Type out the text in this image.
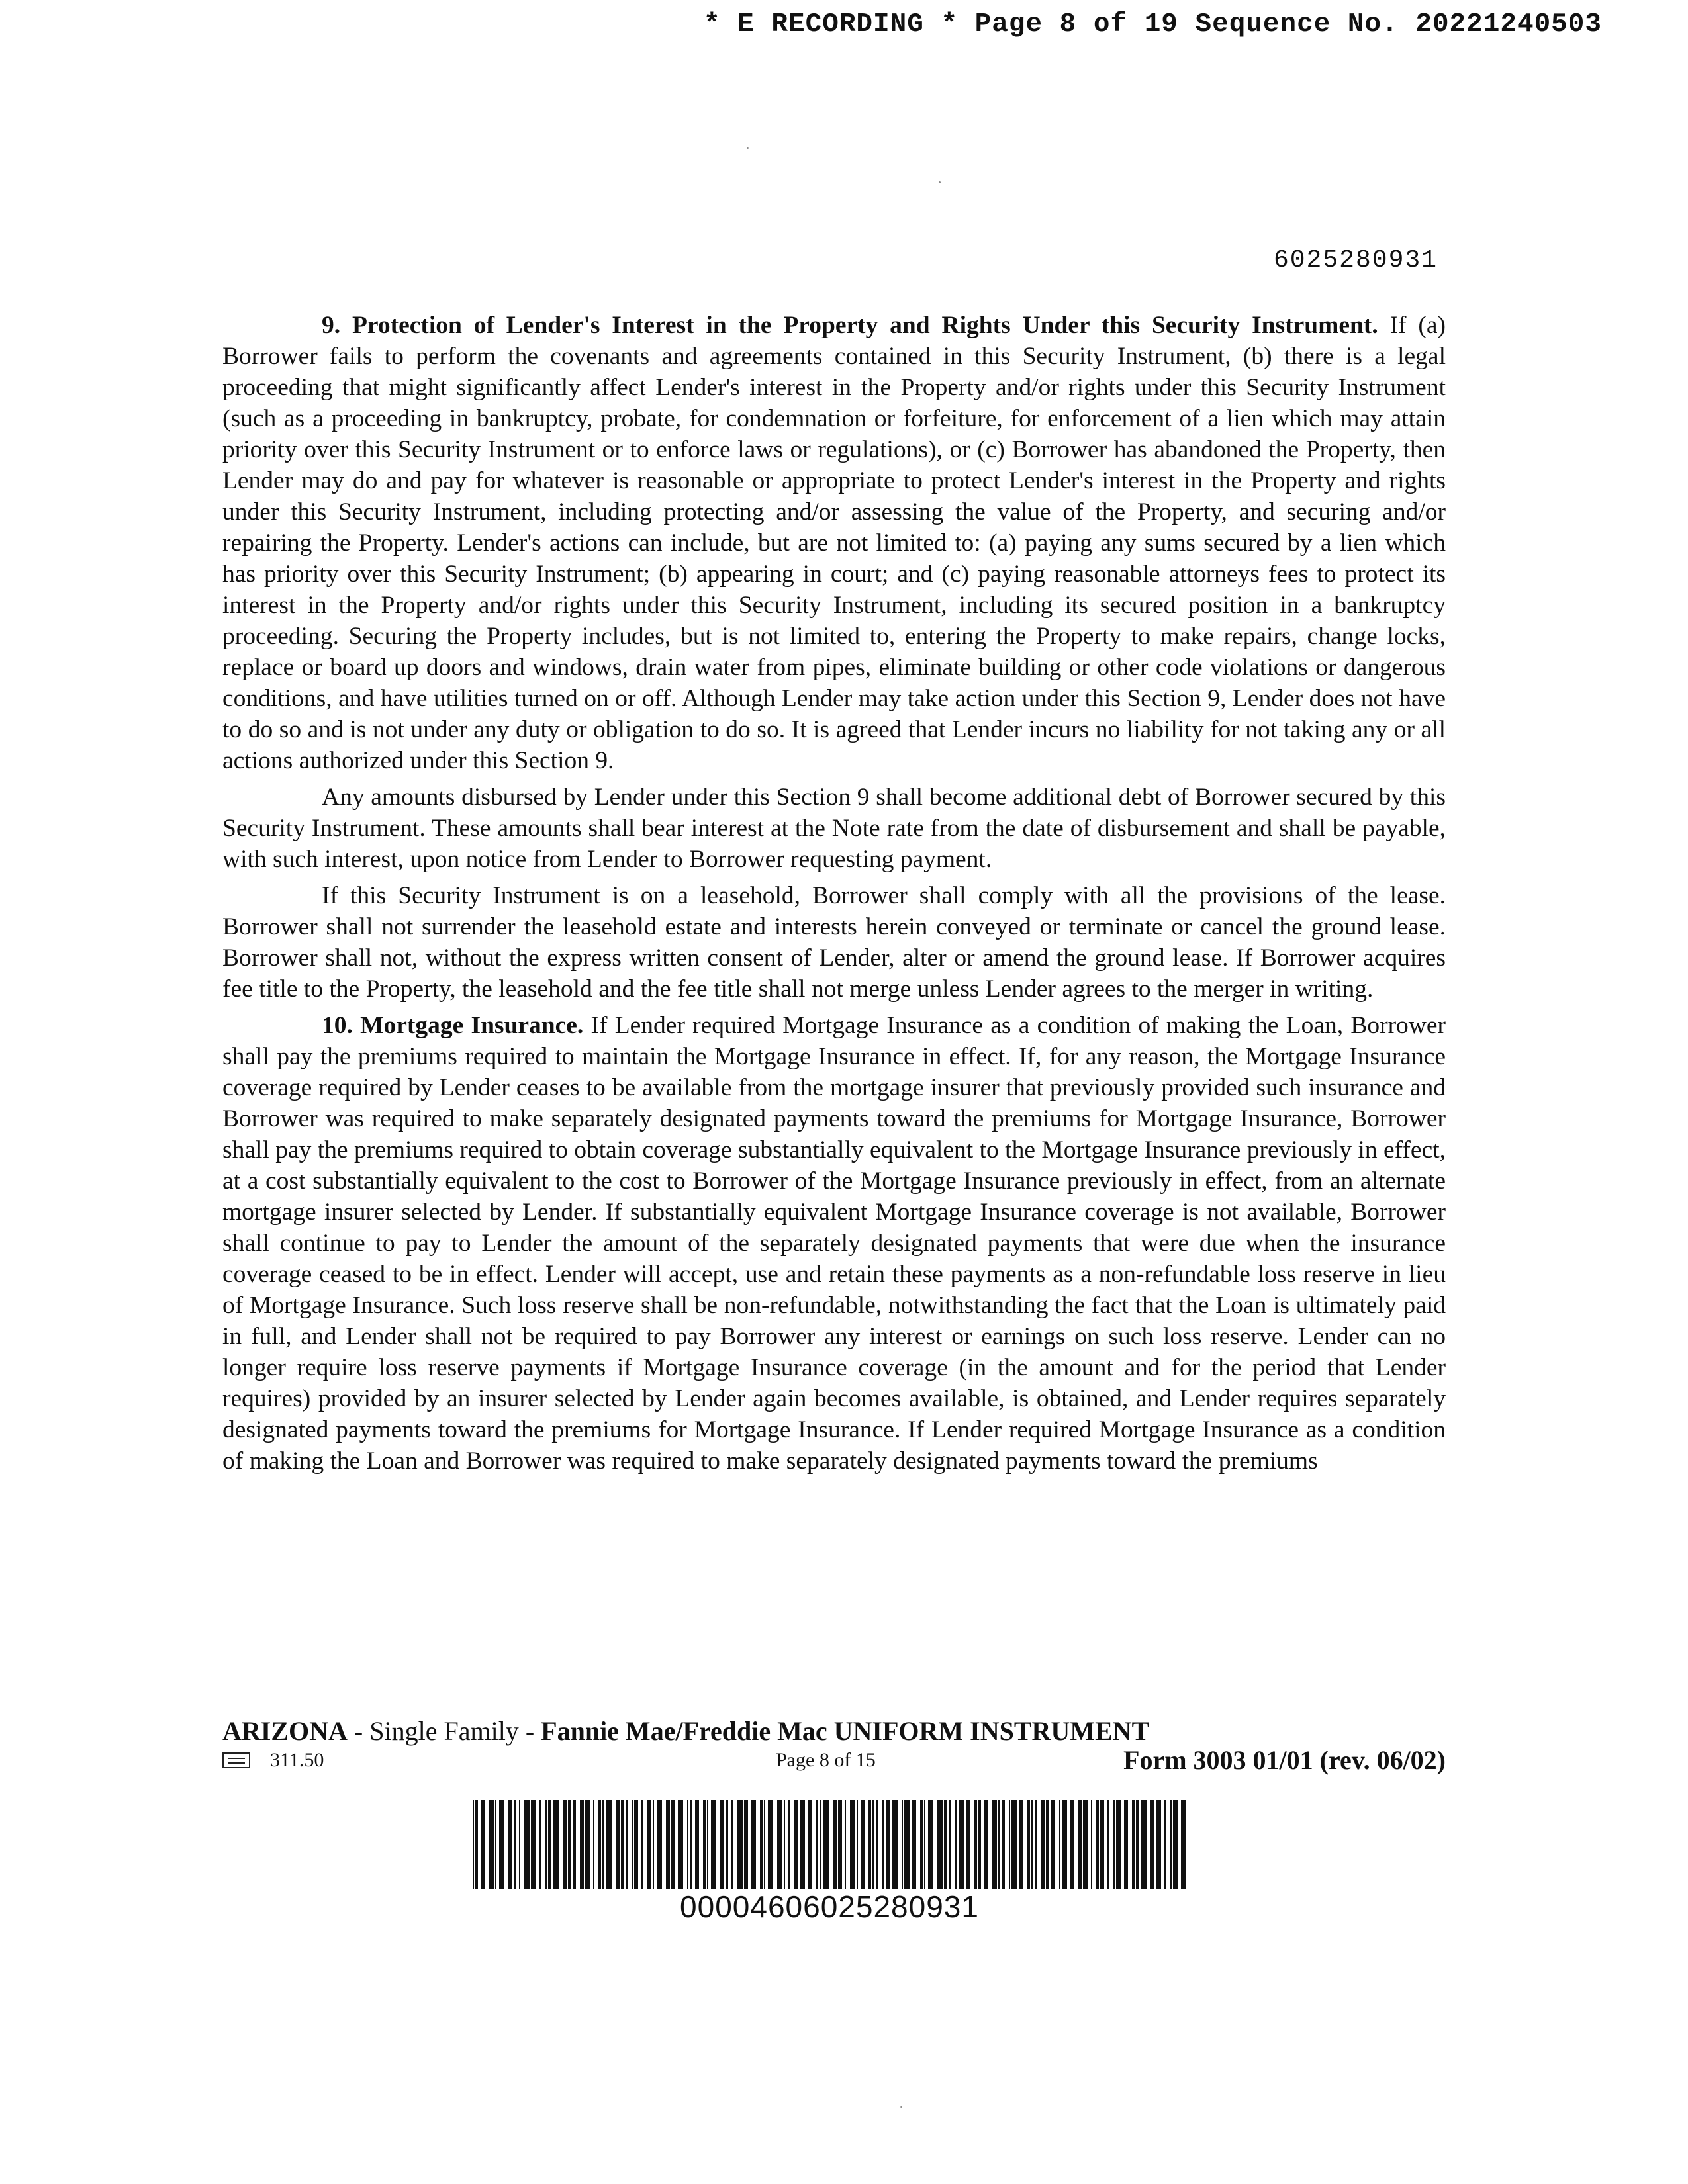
* E RECORDING * Page 8 of 19 Sequence No. 20221240503
6025280931

9. Protection of Lender's Interest in the Property and Rights Under this Security Instrument. If (a) Borrower fails to perform the covenants and agreements contained in this Security Instrument, (b) there is a legal proceeding that might significantly affect Lender's interest in the Property and/or rights under this Security Instrument (such as a proceeding in bankruptcy, probate, for condemnation or forfeiture, for enforcement of a lien which may attain priority over this Security Instrument or to enforce laws or regulations), or (c) Borrower has abandoned the Property, then Lender may do and pay for whatever is reasonable or appropriate to protect Lender's interest in the Property and rights under this Security Instrument, including protecting and/or assessing the value of the Property, and securing and/or repairing the Property. Lender's actions can include, but are not limited to: (a) paying any sums secured by a lien which has priority over this Security Instrument; (b) appearing in court; and (c) paying reasonable attorneys fees to protect its interest in the Property and/or rights under this Security Instrument, including its secured position in a bankruptcy proceeding. Securing the Property includes, but is not limited to, entering the Property to make repairs, change locks, replace or board up doors and windows, drain water from pipes, eliminate building or other code violations or dangerous conditions, and have utilities turned on or off. Although Lender may take action under this Section 9, Lender does not have to do so and is not under any duty or obligation to do so. It is agreed that Lender incurs no liability for not taking any or all actions authorized under this Section 9.

Any amounts disbursed by Lender under this Section 9 shall become additional debt of Borrower secured by this Security Instrument. These amounts shall bear interest at the Note rate from the date of disbursement and shall be payable, with such interest, upon notice from Lender to Borrower requesting payment.

If this Security Instrument is on a leasehold, Borrower shall comply with all the provisions of the lease. Borrower shall not surrender the leasehold estate and interests herein conveyed or terminate or cancel the ground lease. Borrower shall not, without the express written consent of Lender, alter or amend the ground lease. If Borrower acquires fee title to the Property, the leasehold and the fee title shall not merge unless Lender agrees to the merger in writing.

10. Mortgage Insurance. If Lender required Mortgage Insurance as a condition of making the Loan, Borrower shall pay the premiums required to maintain the Mortgage Insurance in effect. If, for any reason, the Mortgage Insurance coverage required by Lender ceases to be available from the mortgage insurer that previously provided such insurance and Borrower was required to make separately designated payments toward the premiums for Mortgage Insurance, Borrower shall pay the premiums required to obtain coverage substantially equivalent to the Mortgage Insurance previously in effect, at a cost substantially equivalent to the cost to Borrower of the Mortgage Insurance previously in effect, from an alternate mortgage insurer selected by Lender. If substantially equivalent Mortgage Insurance coverage is not available, Borrower shall continue to pay to Lender the amount of the separately designated payments that were due when the insurance coverage ceased to be in effect. Lender will accept, use and retain these payments as a non-refundable loss reserve in lieu of Mortgage Insurance. Such loss reserve shall be non-refundable, notwithstanding the fact that the Loan is ultimately paid in full, and Lender shall not be required to pay Borrower any interest or earnings on such loss reserve. Lender can no longer require loss reserve payments if Mortgage Insurance coverage (in the amount and for the period that Lender requires) provided by an insurer selected by Lender again becomes available, is obtained, and Lender requires separately designated payments toward the premiums for Mortgage Insurance. If Lender required Mortgage Insurance as a condition of making the Loan and Borrower was required to make separately designated payments toward the premiums

ARIZONA - Single Family - Fannie Mae/Freddie Mac UNIFORM INSTRUMENT
311.50	Page 8 of 15	Form 3003 01/01 (rev. 06/02)
00004606025280931
